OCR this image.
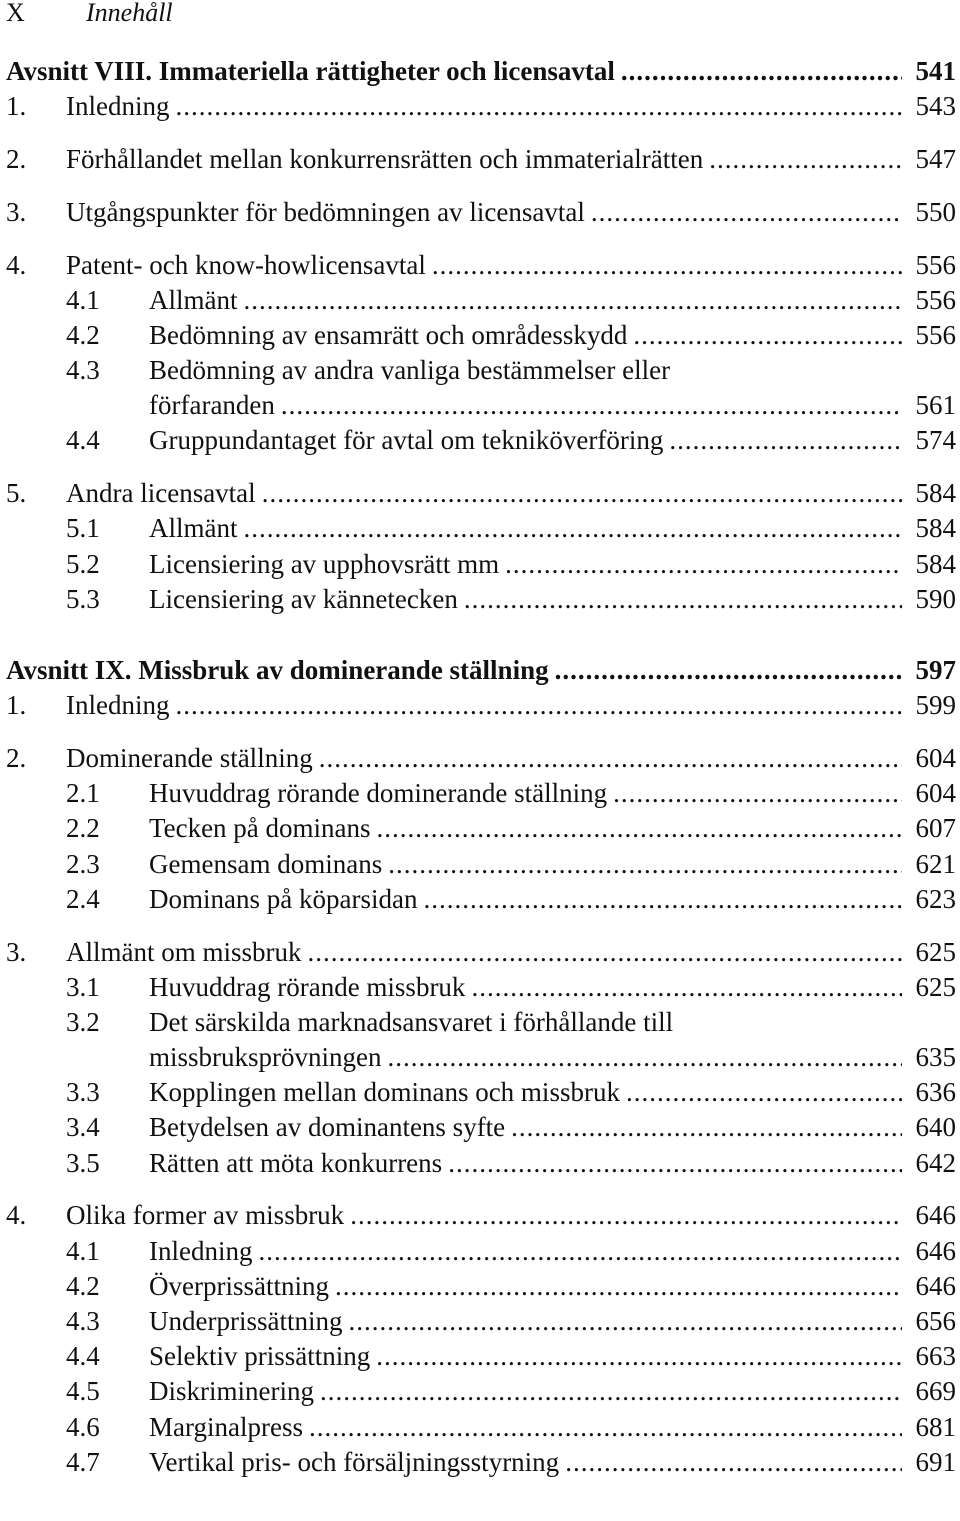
X	Innehåll
Avsnitt VIII. Immateriella rättigheter och licensavtal .....	541
1.	Inledning .....	543
2.	Förhållandet mellan konkurrensrätten och immaterialrätten .....	547
3.	Utgångspunkter för bedömningen av licensavtal .....	550
4.	Patent- och know-howlicensavtal .....	556
4.1	Allmänt .....	556
4.2	Bedömning av ensamrätt och områdesskydd .....	556
4.3	Bedömning av andra vanliga bestämmelser eller
förfaranden .....	561
4.4	Gruppundantaget för avtal om tekniköverföring .....	574
5.	Andra licensavtal .....	584
5.1	Allmänt .....	584
5.2	Licensiering av upphovsrätt mm .....	584
5.3	Licensiering av kännetecken .....	590
Avsnitt IX. Missbruk av dominerande ställning .....	597
1.	Inledning .....	599
2.	Dominerande ställning .....	604
2.1	Huvuddrag rörande dominerande ställning .....	604
2.2	Tecken på dominans .....	607
2.3	Gemensam dominans .....	621
2.4	Dominans på köparsidan .....	623
3.	Allmänt om missbruk .....	625
3.1	Huvuddrag rörande missbruk .....	625
3.2	Det särskilda marknadsansvaret i förhållande till
missbruksprövningen .....	635
3.3	Kopplingen mellan dominans och missbruk .....	636
3.4	Betydelsen av dominantens syfte .....	640
3.5	Rätten att möta konkurrens .....	642
4.	Olika former av missbruk .....	646
4.1	Inledning .....	646
4.2	Överprissättning .....	646
4.3	Underprissättning .....	656
4.4	Selektiv prissättning .....	663
4.5	Diskriminering .....	669
4.6	Marginalpress .....	681
4.7	Vertikal pris- och försäljningsstyrning .....	691
